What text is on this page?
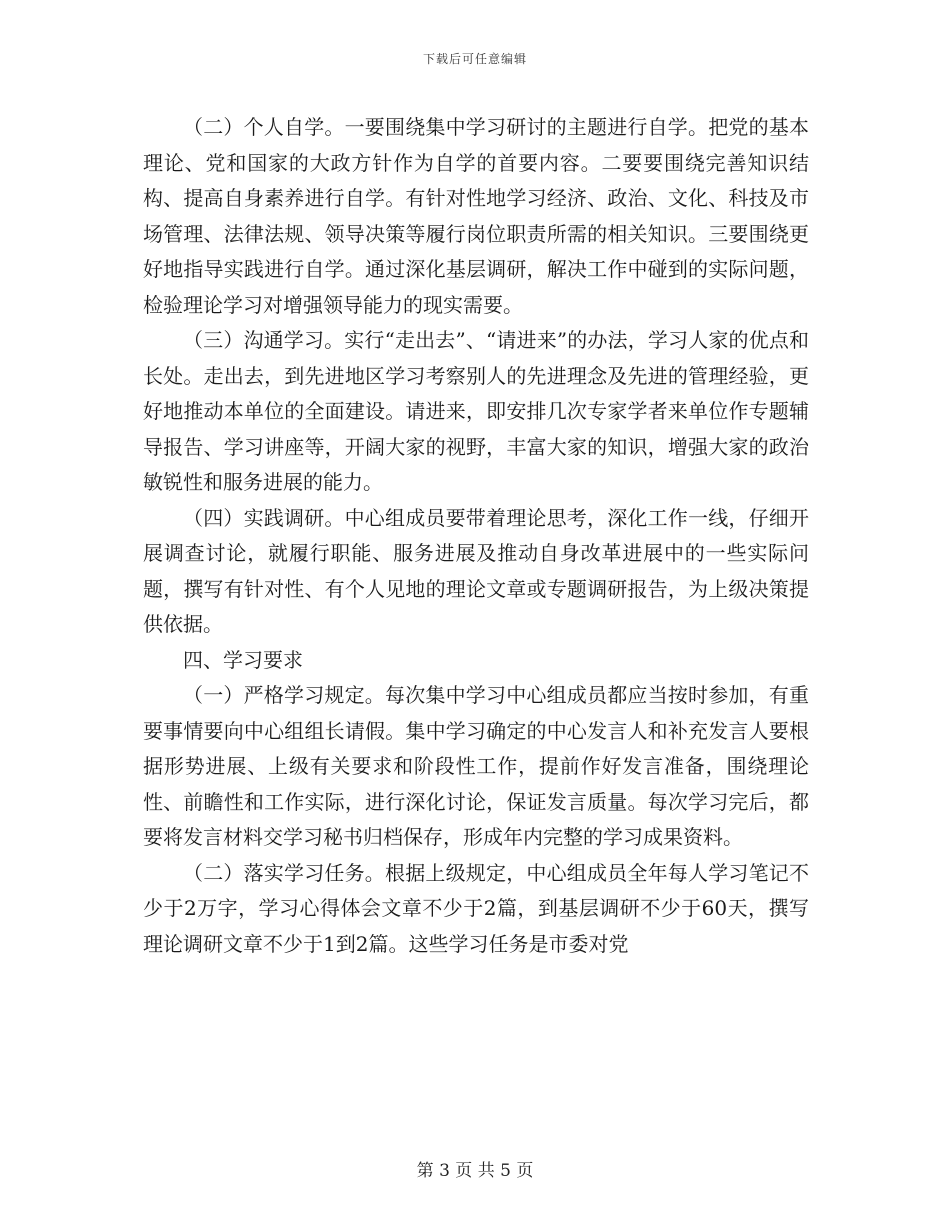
下载后可任意编辑

（二）个人自学。一要围绕集中学习研讨的主题进行自学。把党的基本理论、党和国家的大政方针作为自学的首要内容。二要要围绕完善知识结构、提高自身素养进行自学。有针对性地学习经济、政治、文化、科技及市场管理、法律法规、领导决策等履行岗位职责所需的相关知识。三要围绕更好地指导实践进行自学。通过深化基层调研，解决工作中碰到的实际问题，检验理论学习对增强领导能力的现实需要。

（三）沟通学习。实行“走出去”、“请进来”的办法，学习人家的优点和长处。走出去，到先进地区学习考察别人的先进理念及先进的管理经验，更好地推动本单位的全面建设。请进来，即安排几次专家学者来单位作专题辅导报告、学习讲座等，开阔大家的视野，丰富大家的知识，增强大家的政治敏锐性和服务进展的能力。

（四）实践调研。中心组成员要带着理论思考，深化工作一线，仔细开展调查讨论，就履行职能、服务进展及推动自身改革进展中的一些实际问题，撰写有针对性、有个人见地的理论文章或专题调研报告，为上级决策提供依据。

四、学习要求

（一）严格学习规定。每次集中学习中心组成员都应当按时参加，有重要事情要向中心组组长请假。集中学习确定的中心发言人和补充发言人要根据形势进展、上级有关要求和阶段性工作，提前作好发言准备，围绕理论性、前瞻性和工作实际，进行深化讨论，保证发言质量。每次学习完后，都要将发言材料交学习秘书归档保存，形成年内完整的学习成果资料。

（二）落实学习任务。根据上级规定，中心组成员全年每人学习笔记不少于2万字，学习心得体会文章不少于2篇，到基层调研不少于60天，撰写理论调研文章不少于1到2篇。这些学习任务是市委对党

第 3 页 共 5 页
